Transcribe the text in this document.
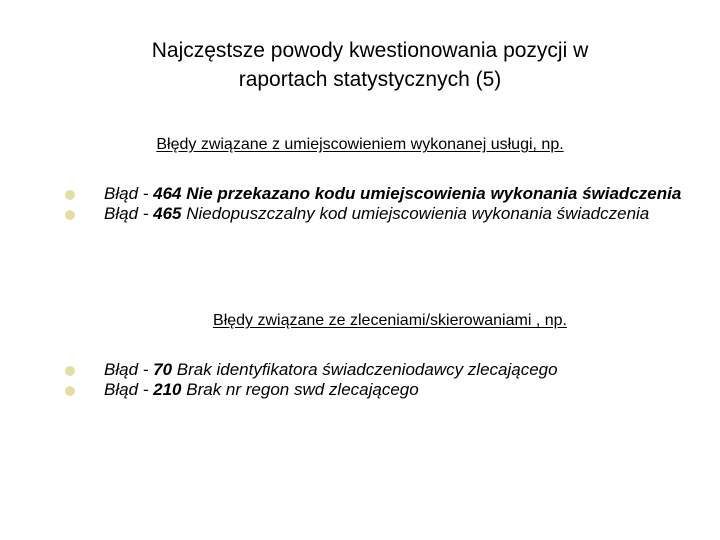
Najczęstsze powody kwestionowania pozycji w
raportach statystycznych (5)
Błędy związane z umiejscowieniem wykonanej usługi, np.
Błąd - 464 Nie przekazano kodu umiejscowienia wykonania świadczenia
Błąd - 465 Niedopuszczalny kod umiejscowienia wykonania świadczenia
Błędy związane ze zleceniami/skierowaniami , np.
Błąd - 70 Brak identyfikatora świadczeniodawcy zlecającego
Błąd - 210 Brak nr regon swd zlecającego
